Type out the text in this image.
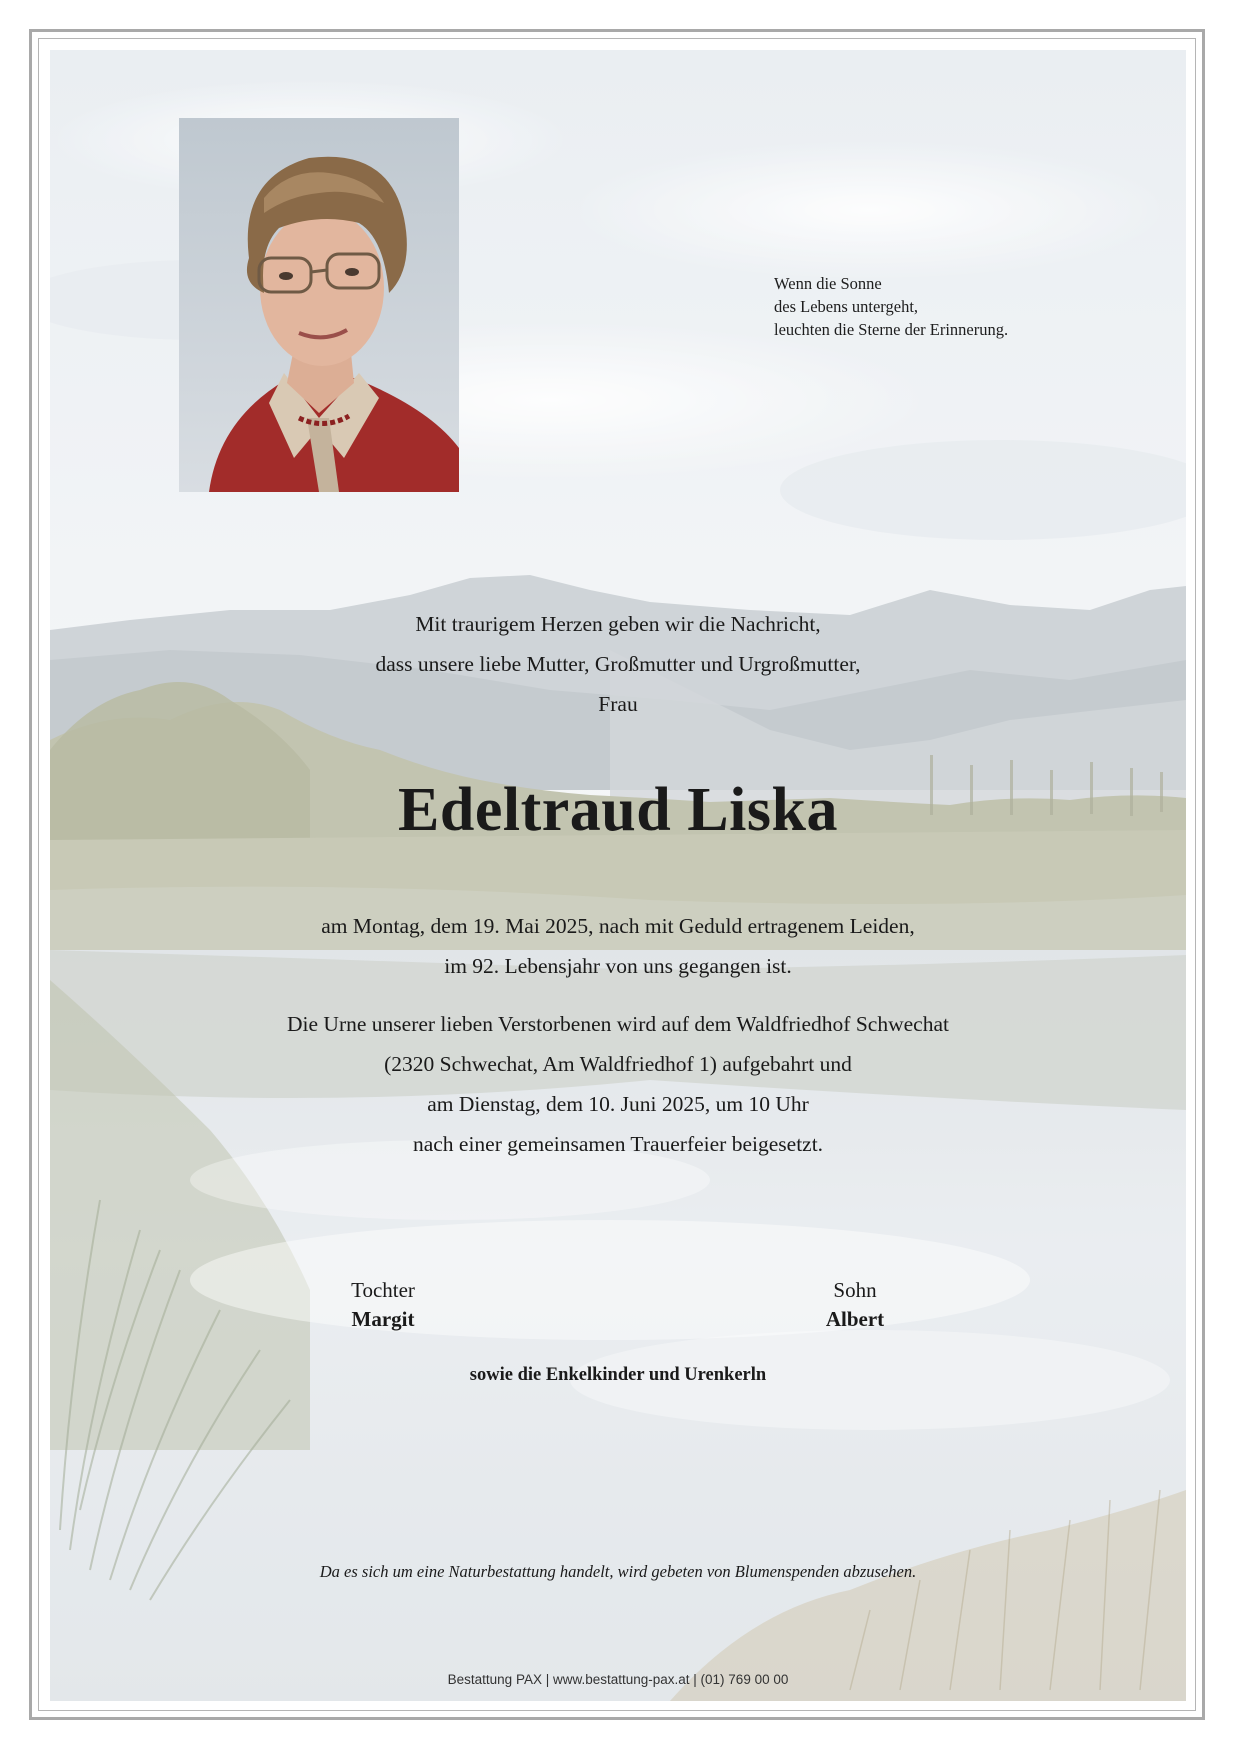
Wenn die Sonne
des Lebens untergeht,
leuchten die Sterne der Erinnerung.
Mit traurigem Herzen geben wir die Nachricht,
dass unsere liebe Mutter, Großmutter und Urgroßmutter,
Frau
Edeltraud Liska
am Montag, dem 19. Mai 2025, nach mit Geduld ertragenem Leiden,
im 92. Lebensjahr von uns gegangen ist.
Die Urne unserer lieben Verstorbenen wird auf dem Waldfriedhof Schwechat
(2320 Schwechat, Am Waldfriedhof 1) aufgebahrt und
am Dienstag, dem 10. Juni 2025, um 10 Uhr
nach einer gemeinsamen Trauerfeier beigesetzt.
Tochter
Margit
Sohn
Albert
sowie die Enkelkinder und Urenkerln
Da es sich um eine Naturbestattung handelt, wird gebeten von Blumenspenden abzusehen.
Bestattung PAX | www.bestattung-pax.at | (01) 769 00 00
